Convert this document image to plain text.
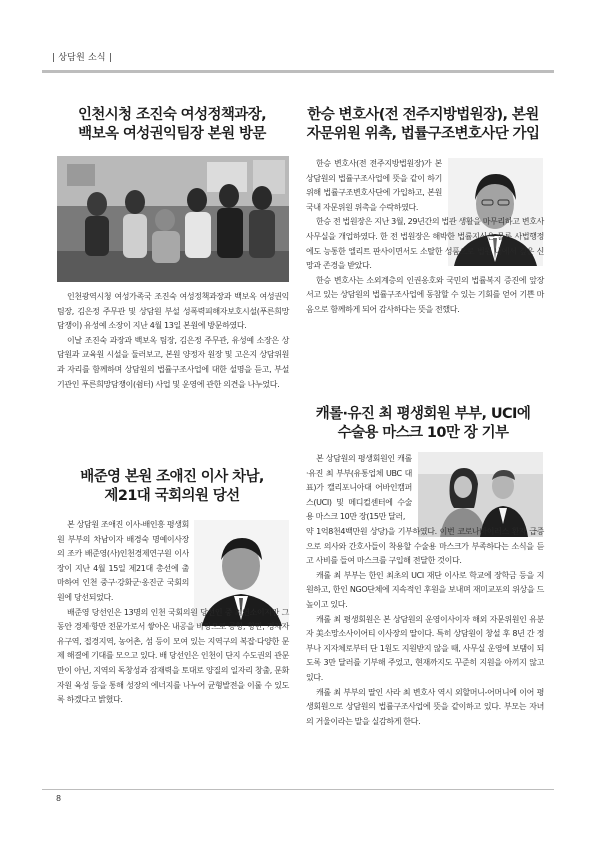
| 상담원 소식 |
인천시청 조진숙 여성정책과장,
백보옥 여성권익팀장 본원 방문

인천광역시청 여성가족국 조진숙 여성정책과장과 백보옥 여성권익팀장, 김은정 주무관 및 상담원 부설 성폭력피해자보호시설(푸른희망담쟁이) 유성예 소장이 지난 4월 13일 본원에 방문하였다.

이날 조진숙 과장과 백보옥 팀장, 김은정 주무관, 유성예 소장은 상담원과 교육원 시설을 둘러보고, 본원 양정자 원장 및 고은지 상담위원과 자리를 함께하며 상담원의 법률구조사업에 대한 설명을 듣고, 부설기관인 푸른희망담쟁이(쉼터) 사업 및 운영에 관한 의견을 나누었다.

배준영 본원 조애진 이사 차남,
제21대 국회의원 당선

본 상담원 조애진 이사-배인흥 평생회원 부부의 차남이자 배경숙 명예이사장의 조카 배준영(사)인천경제연구원 이사장이 지난 4월 15일 제21대 총선에 출마하여 인천 중구·강화군·옹진군 국회의원에 당선되었다.

배준영 당선인은 13명의 인천 국회의원 당선인 중 최연소이지만 그동안 경제·항만 전문가로서 쌓아온 내공을 바탕으로 공항, 항만, 경제자유구역, 접경지역, 농어촌, 섬 등이 모여 있는 지역구의 복잡·다양한 문제 해결에 기대를 모으고 있다. 배 당선인은 인천이 단지 수도권의 관문만이 아닌, 지역의 독창성과 잠재력을 토대로 양질의 일자리 창출, 문화자원 육성 등을 통해 성장의 에너지를 나누어 균형발전을 이룰 수 있도록 하겠다고 밝혔다.

한승 변호사(전 전주지방법원장), 본원
자문위원 위촉, 법률구조변호사단 가입

한승 변호사(전 전주지방법원장)가 본 상담원의 법률구조사업에 뜻을 같이 하기 위해 법률구조변호사단에 가입하고, 본원 국내 자문위원 위촉을 수락하였다.

한승 전 법원장은 지난 3월, 29년간의 법관 생활을 마무리하고 변호사 사무실을 개업하였다. 한 전 법원장은 해박한 법률지식은 물론 사법행정에도 능통한 엘리트 판사이면서도 소탈한 성품으로 법원 내에서 깊은 신망과 존경을 받았다.

한승 변호사는 소외계층의 인권옹호와 국민의 법률복지 증진에 앞장서고 있는 상담원의 법률구조사업에 동참할 수 있는 기회를 얻어 기쁜 마음으로 함께하게 되어 감사하다는 뜻을 전했다.

캐롤·유진 최 평생회원 부부, UCI에
수술용 마스크 10만 장 기부

본 상담원의 평생회원인 캐롤·유진 최 부부(유통업체 UBC 대표)가 캘리포니아대 어바인캠퍼스(UCI) 및 메디컬센터에 수술용 마스크 10만 장(15만 달러,

약 1억8천4백만원 상당)을 기부하였다. 이번 코로나바이러스 환자 급증으로 의사와 간호사들이 착용할 수술용 마스크가 부족하다는 소식을 듣고 사비를 들여 마스크를 구입해 전달한 것이다.

캐롤 최 부부는 한인 최초의 UCI 재단 이사로 학교에 장학금 등을 지원하고, 한인 NGO단체에 지속적인 후원을 보내며 재미교포의 위상을 드높이고 있다.

캐롤 최 평생회원은 본 상담원의 운영이사이자 해외 자문위원인 유분자 美소망소사이어티 이사장의 딸이다. 특히 상담원이 창설 후 8년 간 정부나 지자체로부터 단 1원도 지원받지 않을 때, 사무실 운영에 보탬이 되도록 3만 달러를 기부해 주었고, 현재까지도 꾸준히 지원을 아끼지 않고 있다.

캐롤 최 부부의 딸인 사라 최 변호사 역시 외할머니-어머니에 이어 평생회원으로 상담원의 법률구조사업에 뜻을 같이하고 있다. 부모는 자녀의 거울이라는 말을 실감하게 한다.

8
